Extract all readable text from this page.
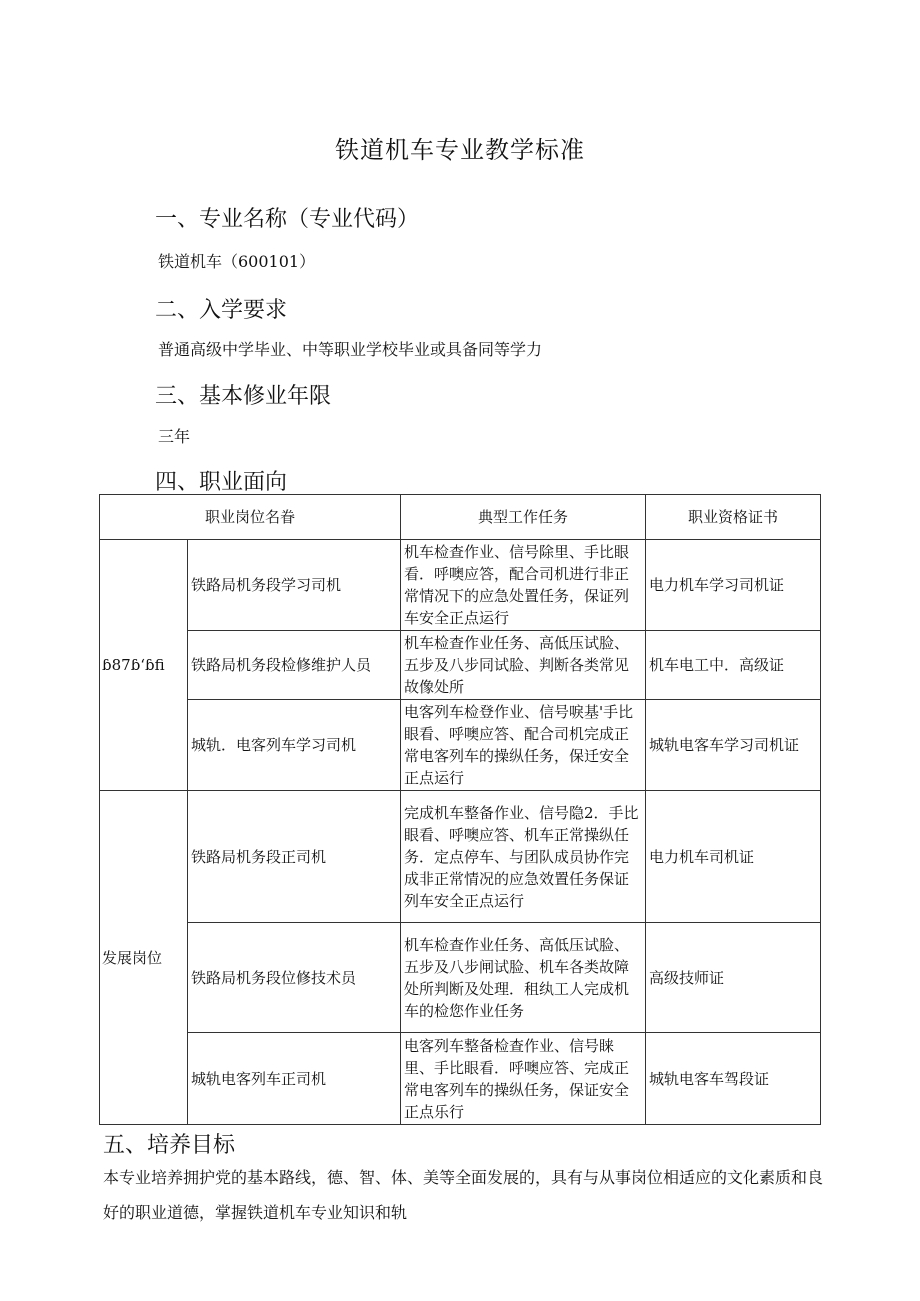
铁道机车专业教学标准
一、专业名称（专业代码）
铁道机车（600101）
二、入学要求
普通高级中学毕业、中等职业学校毕业或具备同等学力
三、基本修业年限
三年
四、职业面向
职业岗位名眷		典型工作任务	职业资格证书
ɓ87ɓ‘ɓfi	铁路局机务段学习司机	机车检查作业、信号除里、手比眼看．呼噢应答，配合司机进行非正常情况下的应急处置任务，保证列车安全正点运行	电力机车学习司机证
	铁路局机务段检修维护人员	机车检查作业任务、高低压试脸、五步及八步同试脸、判断各类常见故像处所	机车电工中．高级证
	城轨．电客列车学习司机	电客列车检登作业、信号唳基'手比眼看、呼噢应答、配合司机完成正常电客列车的操纵任务，保迁安全正点运行	城轨电客车学习司机证
发展岗位	铁路局机务段正司机	完成机车整备作业、信号隐2．手比眼看、呼噢应答、机车正常操纵任务．定点停车、与团队成员协作完成非正常情况的应急效置任务保证列车安全正点运行	电力机车司机证
	铁路局机务段位修技术员	机车检查作业任务、高低压试脸、五步及八步闸试脸、机车各类故障处所判断及处理．租纨工人完成机车的检您作业任务	高级技师证
	城轨电客列车正司机	电客列车整备检查作业、信号睐里、手比眼看．呼噢应答、完成正常电客列车的操纵任务，保证安全正点乐行	城轨电客车驾段证
五、培养目标
本专业培养拥护党的基本路线，德、智、体、美等全面发展的，具有与从事岗位相适应的文化素质和良好的职业道德，掌握铁道机车专业知识和轨
